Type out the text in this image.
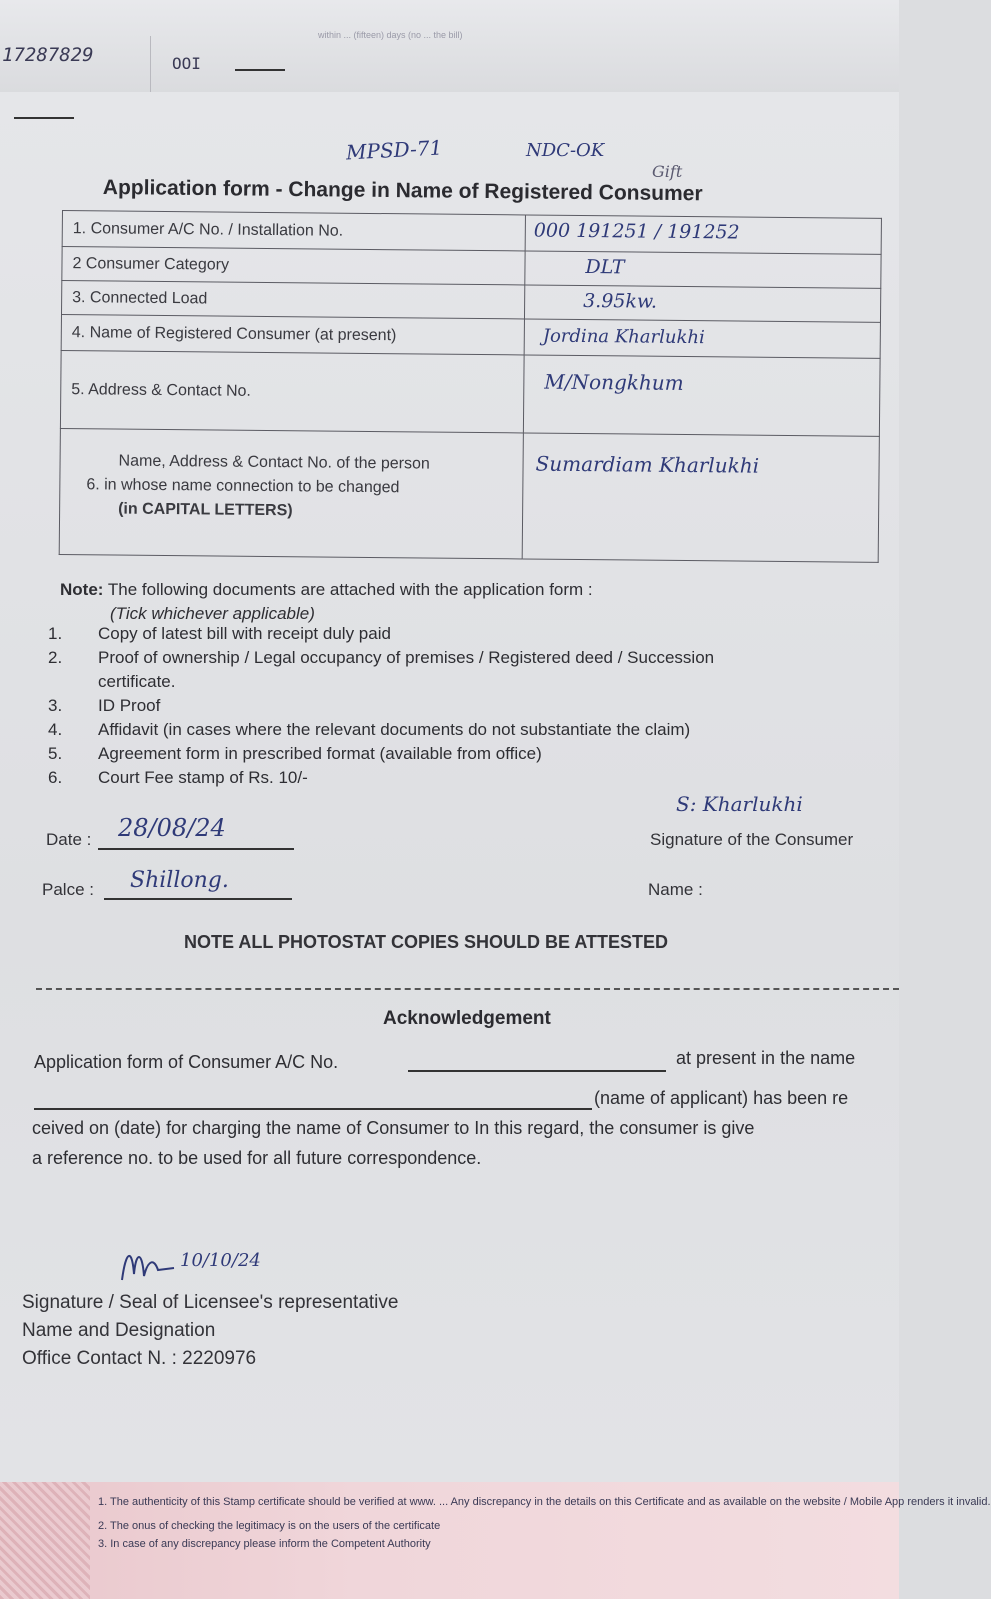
17287829	OOI
within ... (fifteen) days (no ... the bill)
MPSD-71	NDC-OK
Gift
Application form - Change in Name of Registered Consumer
1. Consumer A/C No. / Installation No.	000 191251 / 191252

2 Consumer Category	DLT

3. Connected Load	3.95kw.

4. Name of Registered Consumer (at present)	Jordina Kharlukhi

5. Address & Contact No.	M/Nongkhum

Name, Address & Contact No. of the person
6. in whose name connection to be changed
(in CAPITAL LETTERS)	Sumardiam Kharlukhi
Note: The following documents are attached with the application form :
(Tick whichever applicable)
1.	Copy of latest bill with receipt duly paid
2.	Proof of ownership / Legal occupancy of premises / Registered deed / Succession
certificate.
3.	ID Proof
4.	Affidavit (in cases where the relevant documents do not substantiate the claim)
5.	Agreement form in prescribed format (available from office)
6.	Court Fee stamp of Rs. 10/-
S: Kharlukhi
Date : 28/08/24	Signature of the Consumer
Palce : Shillong.	Name :
NOTE ALL PHOTOSTAT COPIES SHOULD BE ATTESTED
Acknowledgement
Application form of Consumer A/C No.	at present in the name
(name of applicant) has been re
ceived on (date) for charging the name of Consumer to In this regard, the consumer is give
a reference no. to be used for all future correspondence.
10/10/24
Signature / Seal of Licensee's representative
Name and Designation
Office Contact N. : 2220976
1. The authenticity of this Stamp certificate should be verified at www. ... Any discrepancy in the details on this Certificate and as available on the website / Mobile App renders it invalid.
2. The onus of checking the legitimacy is on the users of the certificate
3. In case of any discrepancy please inform the Competent Authority
